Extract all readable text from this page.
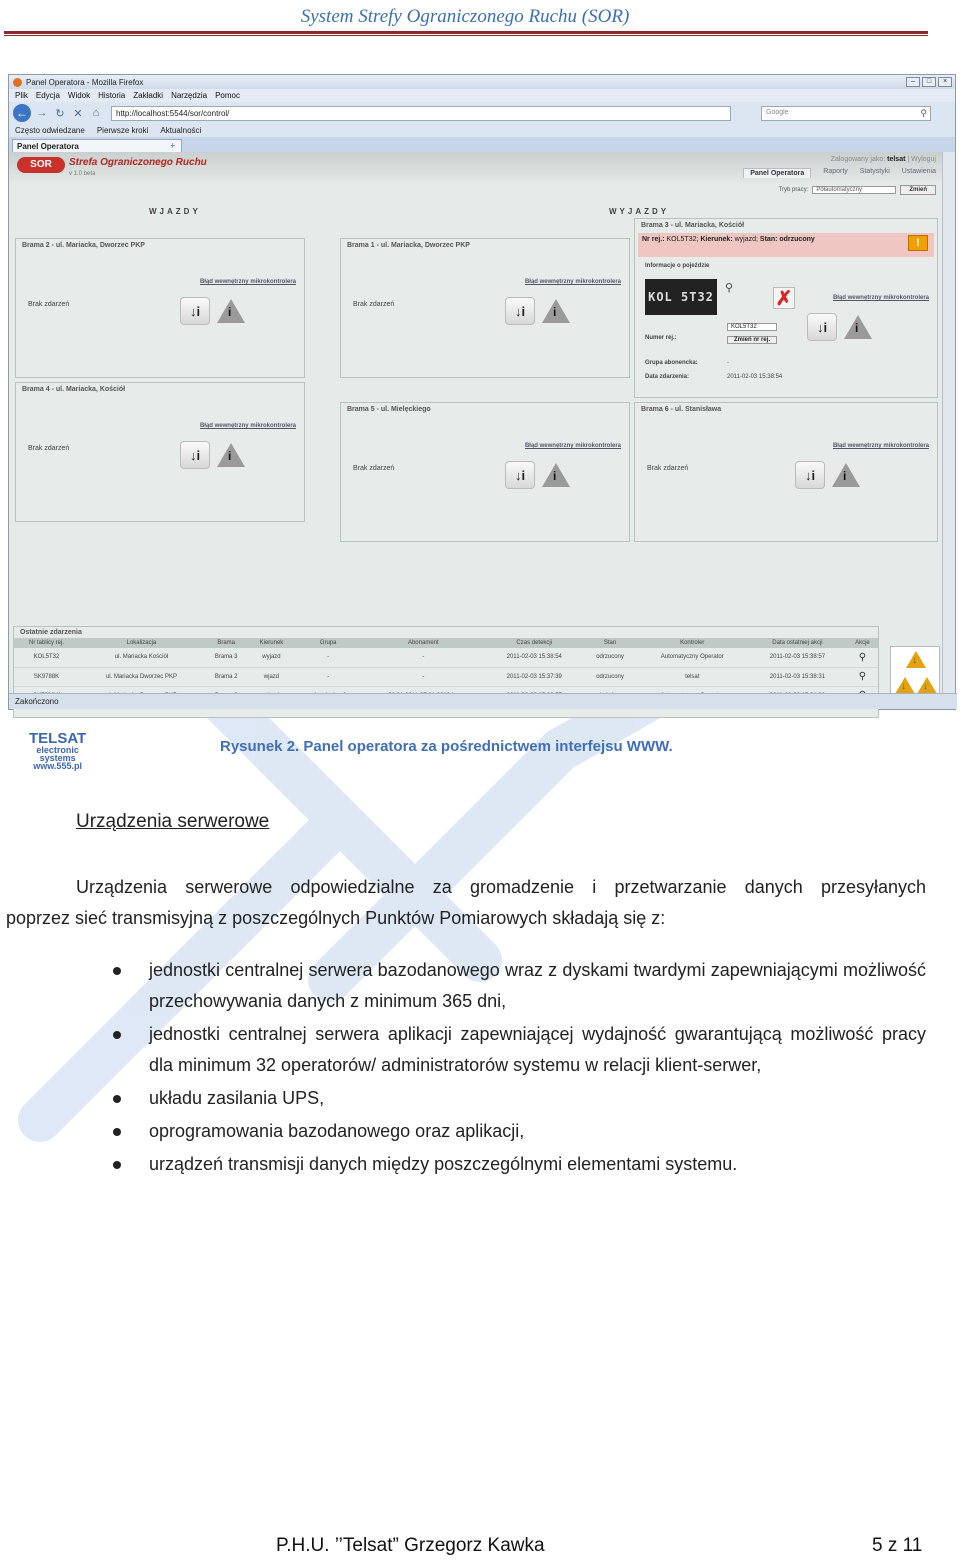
System Strefy Ograniczonego Ruchu (SOR)
Panel Operatora - Mozilla Firefox	–	□	×
Plik Edycja Widok Historia Zakładki Narzędzia Pomoc
← → ↻ ✕ ⌂	http://localhost:5544/sor/control/	Google	⚲
Często odwiedzane Pierwsze kroki Aktualności
Panel Operatora	+
SOR	Strefa Ograniczonego Ruchu
v 1.0 beta
Zalogowany jako: telsat | Wyloguj
Panel Operatora	Raporty Statystyki Ustawienia
Tryb pracy:	Półautomatyczny	Zmień
WJAZDY	WYJAZDY
Brama 2 - ul. Mariacka, Dworzec PKP
Błąd wewnętrzny mikrokontrolera
Brak zdarzeń	↓i	i
Brama 1 - ul. Mariacka, Dworzec PKP
Błąd wewnętrzny mikrokontrolera
Brak zdarzeń	↓i	i
Brama 4 - ul. Mariacka, Kościół
Błąd wewnętrzny mikrokontrolera
Brak zdarzeń	↓i	i
Brama 5 - ul. Mielęckiego
Błąd wewnętrzny mikrokontrolera
Brak zdarzeń	↓i	i
Brama 3 - ul. Mariacka, Kościół
Nr rej.: KOL5T32; Kierunek: wyjazd; Stan: odrzucony	!
Informacje o pojeździe
KOL 5T32
⚲ ✗	Błąd wewnętrzny mikrokontrolera
Numer rej.:
KOL5T32
Zmień nr rej.
Grupa abonencka:	-
Data zdarzenia:	2011-02-03 15:38:54
↓i	i
Brama 6 - ul. Stanisława
Błąd wewnętrzny mikrokontrolera
Brak zdarzeń	↓i	i
Ostatnie zdarzenia
Nr tablicy rej.	Lokalizacja	Brama	Kierunek	Grupa	Abonament	Czas detekcji	Stan	Kontroler	Data ostatniej akcji	Akcje
KOL5T32	ul. Mariacka Kościół	Brama 3	wyjazd	-	-	2011-02-03 15:38:54	odrzucony	Automatyczny Operator	2011-02-03 15:38:57	⚲
SK9788K	ul. Mariacka Dworzec PKP	Brama 2	wjazd	-	-	2011-02-03 15:37:39	odrzucony	telsat	2011-02-03 15:38:31	⚲

↓
↓ ↓
TELSAT
electronic
systems
www.555.pl
Zakończono
Rysunek 2. Panel operatora za pośrednictwem interfejsu WWW.
Urządzenia serwerowe
Urządzenia serwerowe odpowiedzialne za gromadzenie i przetwarzanie danych przesyłanych
poprzez sieć transmisyjną z poszczególnych Punktów Pomiarowych składają się z:
jednostki centralnej serwera bazodanowego wraz z dyskami twardymi zapewniającymi możliwość przechowywania danych z minimum 365 dni,
jednostki centralnej serwera aplikacji zapewniającej wydajność gwarantującą możliwość pracy dla minimum 32 operatorów/ administratorów systemu w relacji klient-serwer,
układu zasilania UPS,
oprogramowania bazodanowego oraz aplikacji,
urządzeń transmisji danych między poszczególnymi elementami systemu.
P.H.U. ’’Telsat” Grzegorz Kawka	5 z 11
